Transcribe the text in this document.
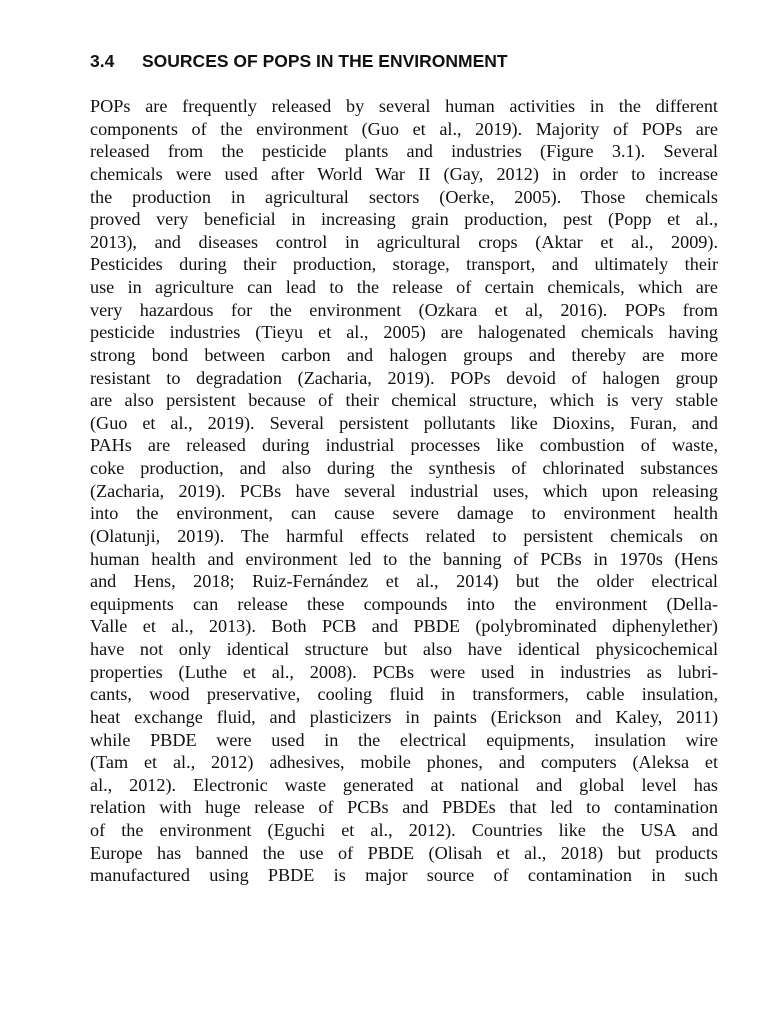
3.4 SOURCES OF POPS IN THE ENVIRONMENT
POPs are frequently released by several human activities in the different
components of the environment (Guo et al., 2019). Majority of POPs are
released from the pesticide plants and industries (Figure 3.1). Several
chemicals were used after World War II (Gay, 2012) in order to increase
the production in agricultural sectors (Oerke, 2005). Those chemicals
proved very beneficial in increasing grain production, pest (Popp et al.,
2013), and diseases control in agricultural crops (Aktar et al., 2009).
Pesticides during their production, storage, transport, and ultimately their
use in agriculture can lead to the release of certain chemicals, which are
very hazardous for the environment (Ozkara et al, 2016). POPs from
pesticide industries (Tieyu et al., 2005) are halogenated chemicals having
strong bond between carbon and halogen groups and thereby are more
resistant to degradation (Zacharia, 2019). POPs devoid of halogen group
are also persistent because of their chemical structure, which is very stable
(Guo et al., 2019). Several persistent pollutants like Dioxins, Furan, and
PAHs are released during industrial processes like combustion of waste,
coke production, and also during the synthesis of chlorinated substances
(Zacharia, 2019). PCBs have several industrial uses, which upon releasing
into the environment, can cause severe damage to environment health
(Olatunji, 2019). The harmful effects related to persistent chemicals on
human health and environment led to the banning of PCBs in 1970s (Hens
and Hens, 2018; Ruiz-Fernández et al., 2014) but the older electrical
equipments can release these compounds into the environment (Della-
Valle et al., 2013). Both PCB and PBDE (polybrominated diphenylether)
have not only identical structure but also have identical physicochemical
properties (Luthe et al., 2008). PCBs were used in industries as lubri-
cants, wood preservative, cooling fluid in transformers, cable insulation,
heat exchange fluid, and plasticizers in paints (Erickson and Kaley, 2011)
while PBDE were used in the electrical equipments, insulation wire
(Tam et al., 2012) adhesives, mobile phones, and computers (Aleksa et
al., 2012). Electronic waste generated at national and global level has
relation with huge release of PCBs and PBDEs that led to contamination
of the environment (Eguchi et al., 2012). Countries like the USA and
Europe has banned the use of PBDE (Olisah et al., 2018) but products
manufactured using PBDE is major source of contamination in such
